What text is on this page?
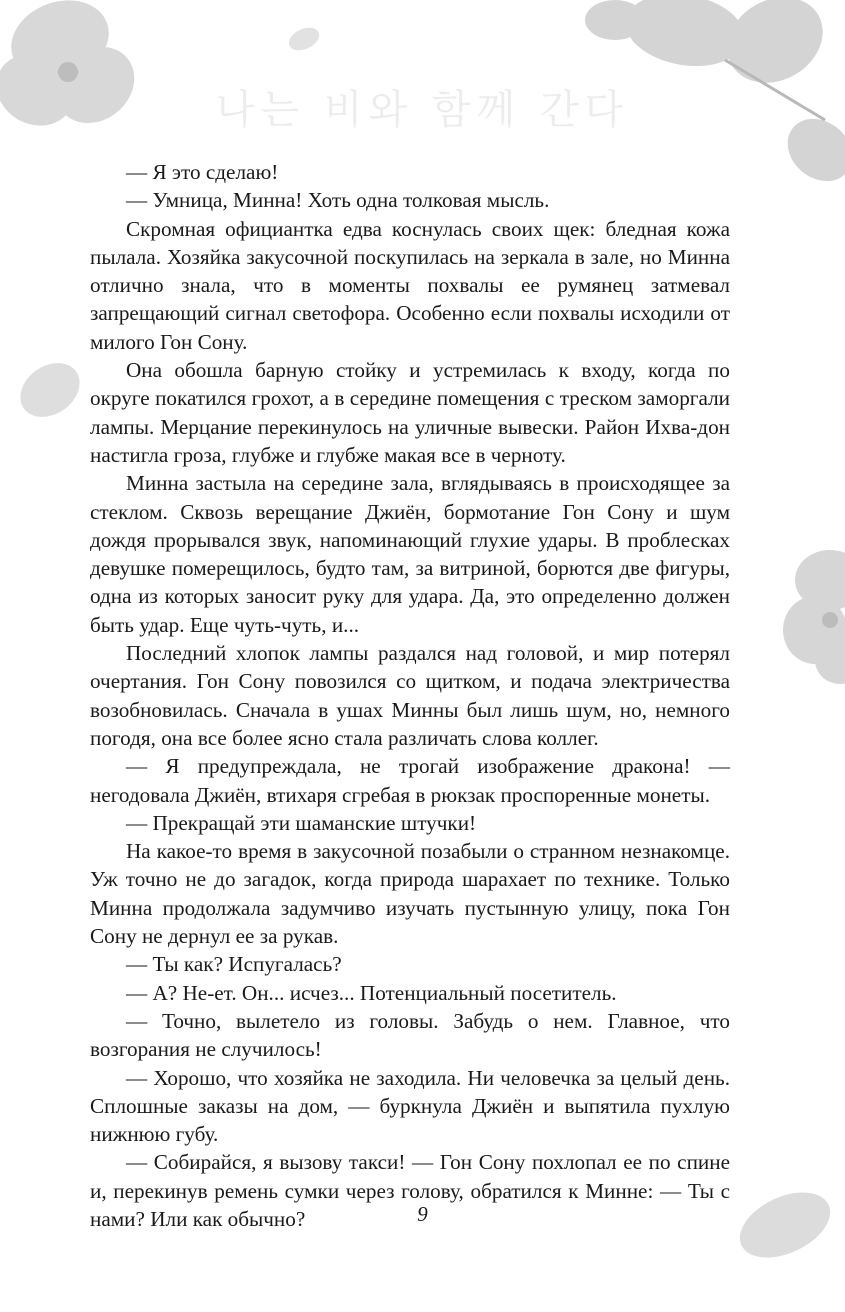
나는 비와 함께 간다

— Я это сделаю!

— Умница, Минна! Хоть одна толковая мысль.

Скромная официантка едва коснулась своих щек: бледная кожа пылала. Хозяйка закусочной поскупилась на зеркала в зале, но Минна отлично знала, что в моменты похвалы ее румянец затмевал запрещающий сигнал светофора. Особенно если похвалы исходили от милого Гон Сону.

Она обошла барную стойку и устремилась к входу, когда по округе покатился грохот, а в середине помещения с треском заморгали лампы. Мерцание перекинулось на уличные вывески. Район Ихва-дон настигла гроза, глубже и глубже макая все в черноту.

Минна застыла на середине зала, вглядываясь в происходящее за стеклом. Сквозь верещание Джиён, бормотание Гон Сону и шум дождя прорывался звук, напоминающий глухие удары. В проблесках девушке померещилось, будто там, за витриной, борются две фигуры, одна из которых заносит руку для удара. Да, это определенно должен быть удар. Еще чуть-чуть, и...

Последний хлопок лампы раздался над головой, и мир потерял очертания. Гон Сону повозился со щитком, и подача электричества возобновилась. Сначала в ушах Минны был лишь шум, но, немного погодя, она все более ясно стала различать слова коллег.

— Я предупреждала, не трогай изображение дракона! — негодовала Джиён, втихаря сгребая в рюкзак проспоренные монеты.

— Прекращай эти шаманские штучки!

На какое-то время в закусочной позабыли о странном незнакомце. Уж точно не до загадок, когда природа шарахает по технике. Только Минна продолжала задумчиво изучать пустынную улицу, пока Гон Сону не дернул ее за рукав.

— Ты как? Испугалась?

— А? Не-ет. Он... исчез... Потенциальный посетитель.

— Точно, вылетело из головы. Забудь о нем. Главное, что возгорания не случилось!

— Хорошо, что хозяйка не заходила. Ни человечка за целый день. Сплошные заказы на дом, — буркнула Джиён и выпятила пухлую нижнюю губу.

— Собирайся, я вызову такси! — Гон Сону похлопал ее по спине и, перекинув ремень сумки через голову, обратился к Минне: — Ты с нами? Или как обычно?	9
